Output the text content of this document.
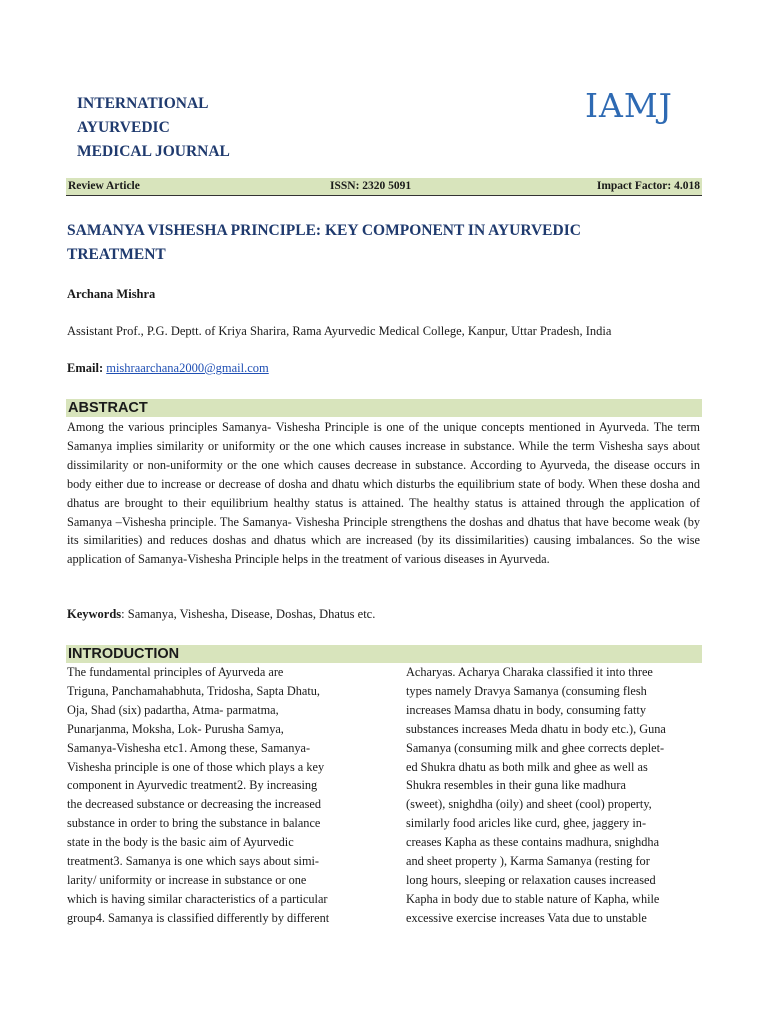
INTERNATIONAL
AYURVEDIC
MEDICAL JOURNAL
IAMJ
Review Article	ISSN: 2320 5091	Impact Factor: 4.018
SAMANYA VISHESHA PRINCIPLE: KEY COMPONENT IN AYURVEDIC
TREATMENT
Archana Mishra
Assistant Prof., P.G. Deptt. of Kriya Sharira, Rama Ayurvedic Medical College, Kanpur, Uttar Pradesh, India
Email: mishraarchana2000@gmail.com
ABSTRACT
Among the various principles Samanya- Vishesha Principle is one of the unique concepts mentioned in Ayurveda. The term Samanya implies similarity or uniformity or the one which causes increase in substance. While the term Vishesha says about dissimilarity or non-uniformity or the one which causes decrease in substance. According to Ayurveda, the disease occurs in body either due to increase or decrease of dosha and dhatu which disturbs the equilibrium state of body. When these dosha and dhatus are brought to their equilibrium healthy status is attained. The healthy status is attained through the application of Samanya –Vishesha principle. The Samanya- Vishesha Principle strengthens the doshas and dhatus that have become weak (by its similarities) and reduces doshas and dhatus which are increased (by its dissimilarities) causing imbalances. So the wise application of Samanya-Vishesha Principle helps in the treatment of various diseases in Ayurveda.
Keywords: Samanya, Vishesha, Disease, Doshas, Dhatus etc.
INTRODUCTION
The fundamental principles of Ayurveda are
Triguna, Panchamahabhuta, Tridosha, Sapta Dhatu,
Oja, Shad (six) padartha, Atma- parmatma,
Punarjanma, Moksha, Lok- Purusha Samya,
Samanya-Vishesha etc1. Among these, Samanya-
Vishesha principle is one of those which plays a key
component in Ayurvedic treatment2. By increasing
the decreased substance or decreasing the increased
substance in order to bring the substance in balance
state in the body is the basic aim of Ayurvedic
treatment3. Samanya is one which says about simi-
larity/ uniformity or increase in substance or one
which is having similar characteristics of a particular
group4. Samanya is classified differently by different
Acharyas. Acharya Charaka classified it into three
types namely Dravya Samanya (consuming flesh
increases Mamsa dhatu in body, consuming fatty
substances increases Meda dhatu in body etc.), Guna
Samanya (consuming milk and ghee corrects deplet-
ed Shukra dhatu as both milk and ghee as well as
Shukra resembles in their guna like madhura
(sweet), snighdha (oily) and sheet (cool) property,
similarly food aricles like curd, ghee, jaggery in-
creases Kapha as these contains madhura, snighdha
and sheet property ), Karma Samanya (resting for
long hours, sleeping or relaxation causes increased
Kapha in body due to stable nature of Kapha, while
excessive exercise increases Vata due to unstable
